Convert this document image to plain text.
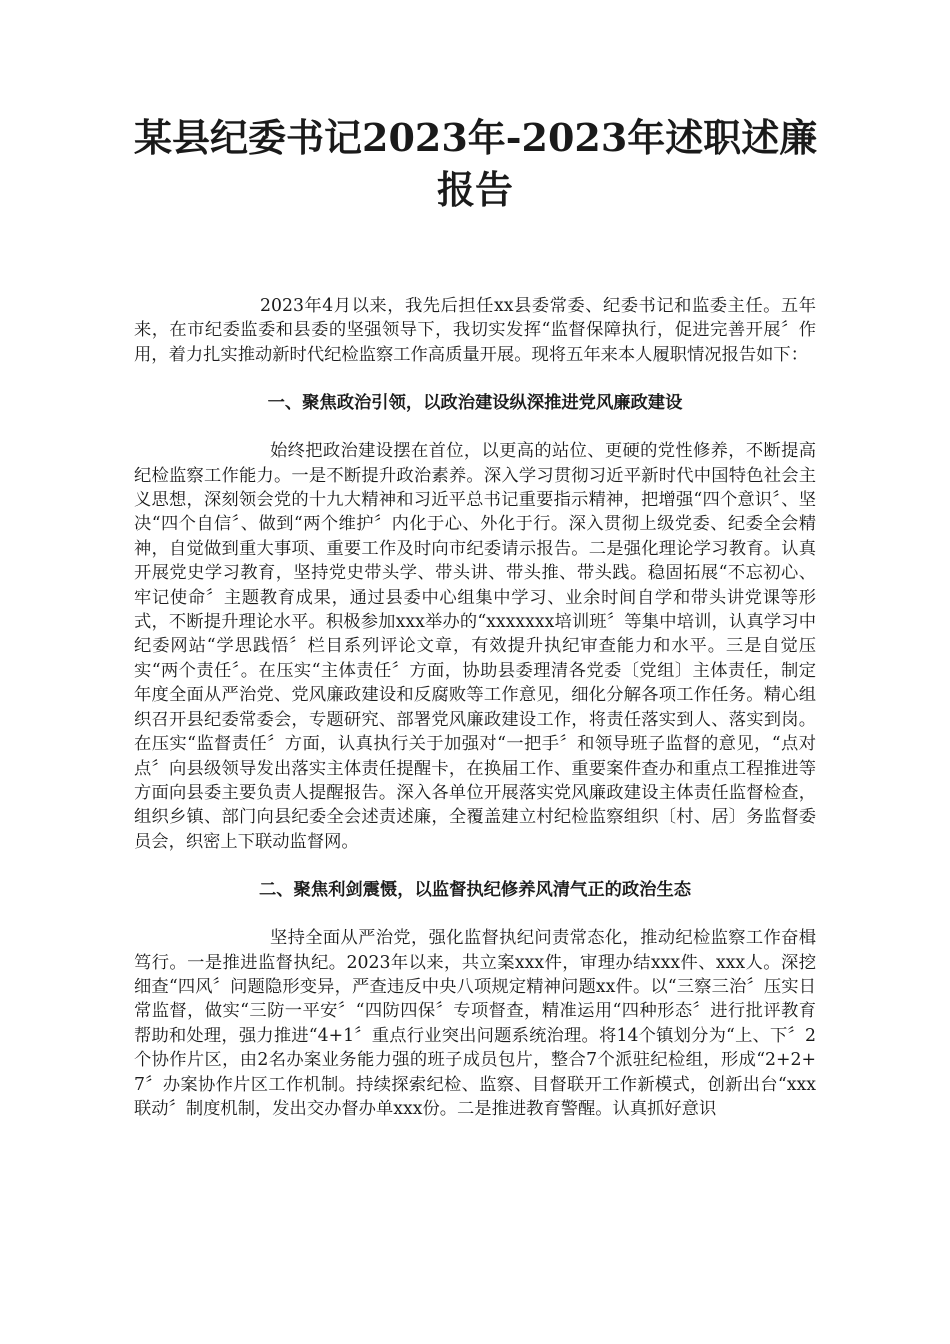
某县纪委书记2023年-2023年述职述廉
报告

2023年4月以来，我先后担任xx县委常委、纪委书记和监委主任。五年来，在市纪委监委和县委的坚强领导下，我切实发挥“监督保障执行，促进完善开展〞作用，着力扎实推动新时代纪检监察工作高质量开展。现将五年来本人履职情况报告如下：

一、聚焦政治引领，以政治建设纵深推进党风廉政建设

始终把政治建设摆在首位，以更高的站位、更硬的党性修养，不断提高纪检监察工作能力。一是不断提升政治素养。深入学习贯彻习近平新时代中国特色社会主义思想，深刻领会党的十九大精神和习近平总书记重要指示精神，把增强“四个意识〞、坚决“四个自信〞、做到“两个维护〞内化于心、外化于行。深入贯彻上级党委、纪委全会精神，自觉做到重大事项、重要工作及时向市纪委请示报告。二是强化理论学习教育。认真开展党史学习教育，坚持党史带头学、带头讲、带头推、带头践。稳固拓展“不忘初心、牢记使命〞主题教育成果，通过县委中心组集中学习、业余时间自学和带头讲党课等形式，不断提升理论水平。积极参加xxx举办的“xxxxxxx培训班〞等集中培训，认真学习中纪委网站“学思践悟〞栏目系列评论文章，有效提升执纪审查能力和水平。三是自觉压实“两个责任〞。在压实“主体责任〞方面，协助县委理清各党委〔党组〕主体责任，制定年度全面从严治党、党风廉政建设和反腐败等工作意见，细化分解各项工作任务。精心组织召开县纪委常委会，专题研究、部署党风廉政建设工作，将责任落实到人、落实到岗。在压实“监督责任〞方面，认真执行关于加强对“一把手〞和领导班子监督的意见，“点对点〞向县级领导发出落实主体责任提醒卡，在换届工作、重要案件查办和重点工程推进等方面向县委主要负责人提醒报告。深入各单位开展落实党风廉政建设主体责任监督检查，组织乡镇、部门向县纪委全会述责述廉，全覆盖建立村纪检监察组织〔村、居〕务监督委员会，织密上下联动监督网。

二、聚焦利剑震慑，以监督执纪修养风清气正的政治生态

坚持全面从严治党，强化监督执纪问责常态化，推动纪检监察工作奋楫笃行。一是推进监督执纪。2023年以来，共立案xxx件，审理办结xxx件、xxx人。深挖细查“四风〞问题隐形变异，严查违反中央八项规定精神问题xx件。以“三察三治〞压实日常监督，做实“三防一平安〞“四防四保〞专项督查，精准运用“四种形态〞进行批评教育帮助和处理，强力推进“4+1〞重点行业突出问题系统治理。将14个镇划分为“上、下〞2个协作片区，由2名办案业务能力强的班子成员包片，整合7个派驻纪检组，形成“2+2+7〞办案协作片区工作机制。持续探索纪检、监察、目督联开工作新模式，创新出台“xxx联动〞制度机制，发出交办督办单xxx份。二是推进教育警醒。认真抓好意识
